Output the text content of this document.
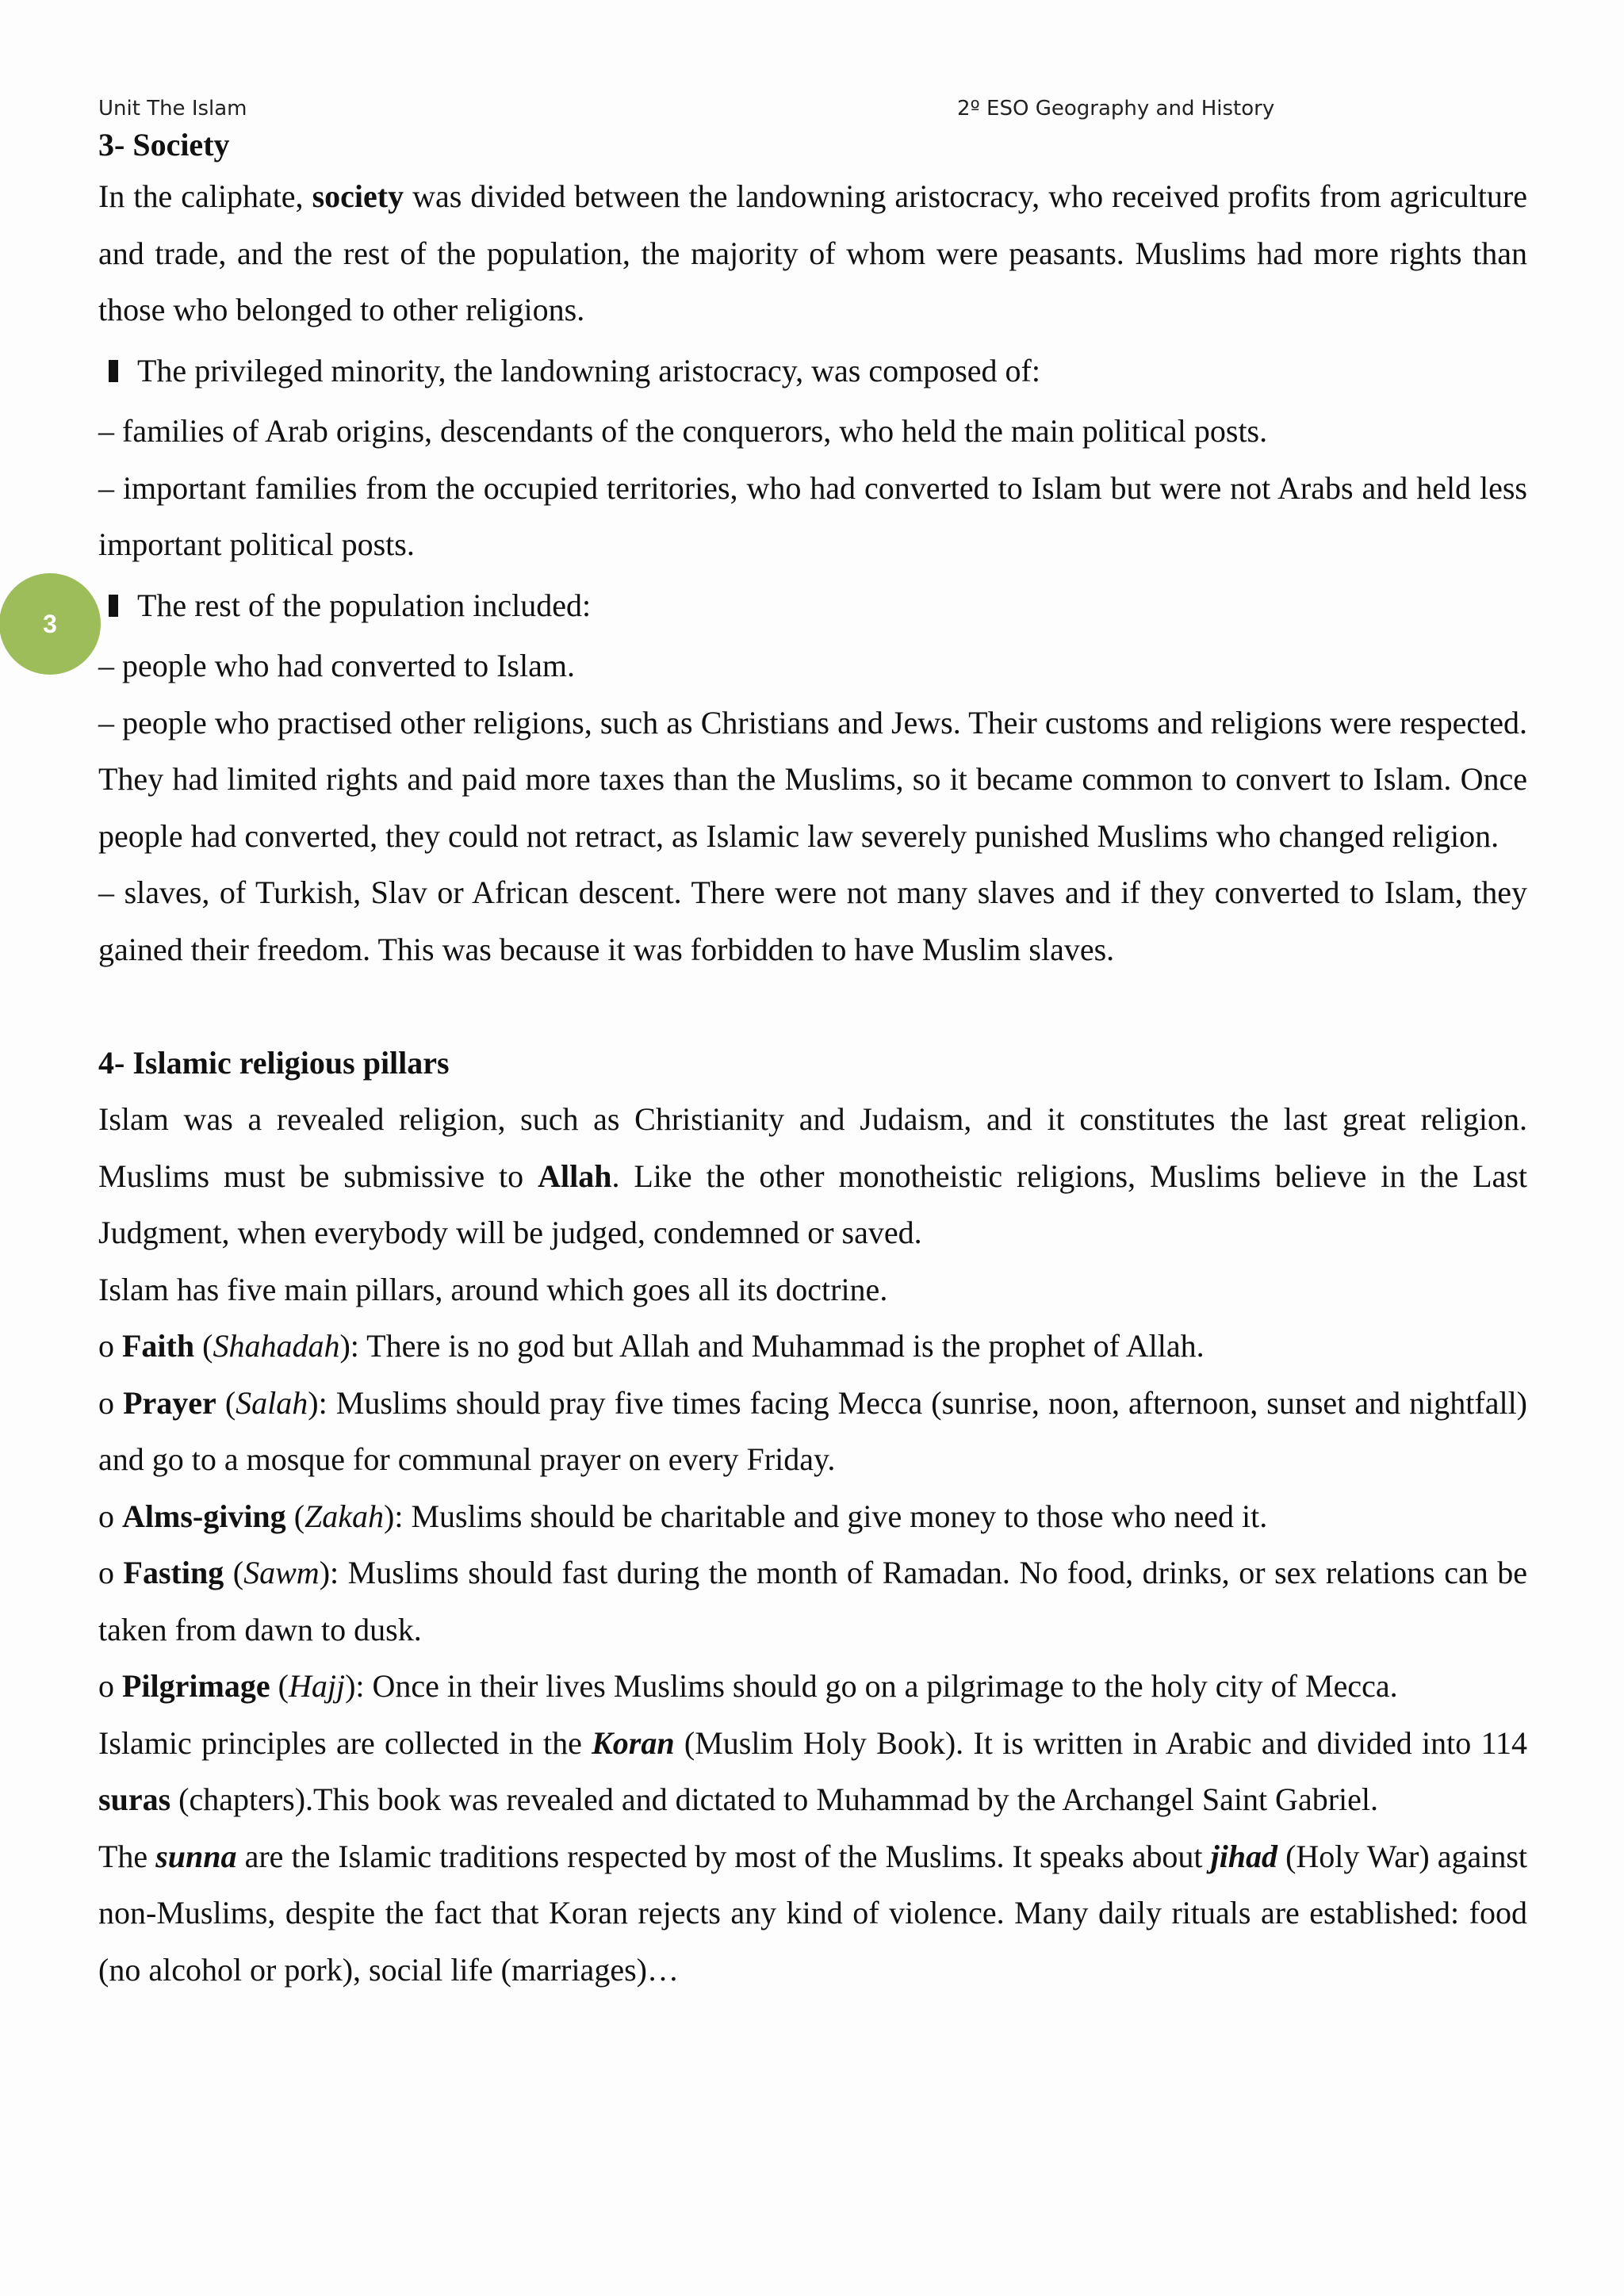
Unit The Islam	2º ESO Geography and History
3

3- Society

In the caliphate, society was divided between the landowning aristocracy, who received profits from agriculture and trade, and the rest of the population, the majority of whom were peasants. Muslims had more rights than those who belonged to other religions.

The privileged minority, the landowning aristocracy, was composed of:

– families of Arab origins, descendants of the conquerors, who held the main political posts.

– important families from the occupied territories, who had converted to Islam but were not Arabs and held less important political posts.

The rest of the population included:

– people who had converted to Islam.

– people who practised other religions, such as Christians and Jews. Their customs and religions were respected. They had limited rights and paid more taxes than the Muslims, so it became common to convert to Islam. Once people had converted, they could not retract, as Islamic law severely punished Muslims who changed religion.

– slaves, of Turkish, Slav or African descent. There were not many slaves and if they converted to Islam, they gained their freedom. This was because it was forbidden to have Muslim slaves.

4- Islamic religious pillars

Islam was a revealed religion, such as Christianity and Judaism, and it constitutes the last great religion. Muslims must be submissive to Allah. Like the other monotheistic religions, Muslims believe in the Last Judgment, when everybody will be judged, condemned or saved.

Islam has five main pillars, around which goes all its doctrine.

o Faith (Shahadah): There is no god but Allah and Muhammad is the prophet of Allah.

o Prayer (Salah): Muslims should pray five times facing Mecca (sunrise, noon, afternoon, sunset and nightfall) and go to a mosque for communal prayer on every Friday.

o Alms-giving (Zakah): Muslims should be charitable and give money to those who need it.

o Fasting (Sawm): Muslims should fast during the month of Ramadan. No food, drinks, or sex relations can be taken from dawn to dusk.

o Pilgrimage (Hajj): Once in their lives Muslims should go on a pilgrimage to the holy city of Mecca.

Islamic principles are collected in the Koran (Muslim Holy Book). It is written in Arabic and divided into 114 suras (chapters).This book was revealed and dictated to Muhammad by the Archangel Saint Gabriel.

The sunna are the Islamic traditions respected by most of the Muslims. It speaks about jihad (Holy War) against non-Muslims, despite the fact that Koran rejects any kind of violence. Many daily rituals are established: food (no alcohol or pork), social life (marriages)…
